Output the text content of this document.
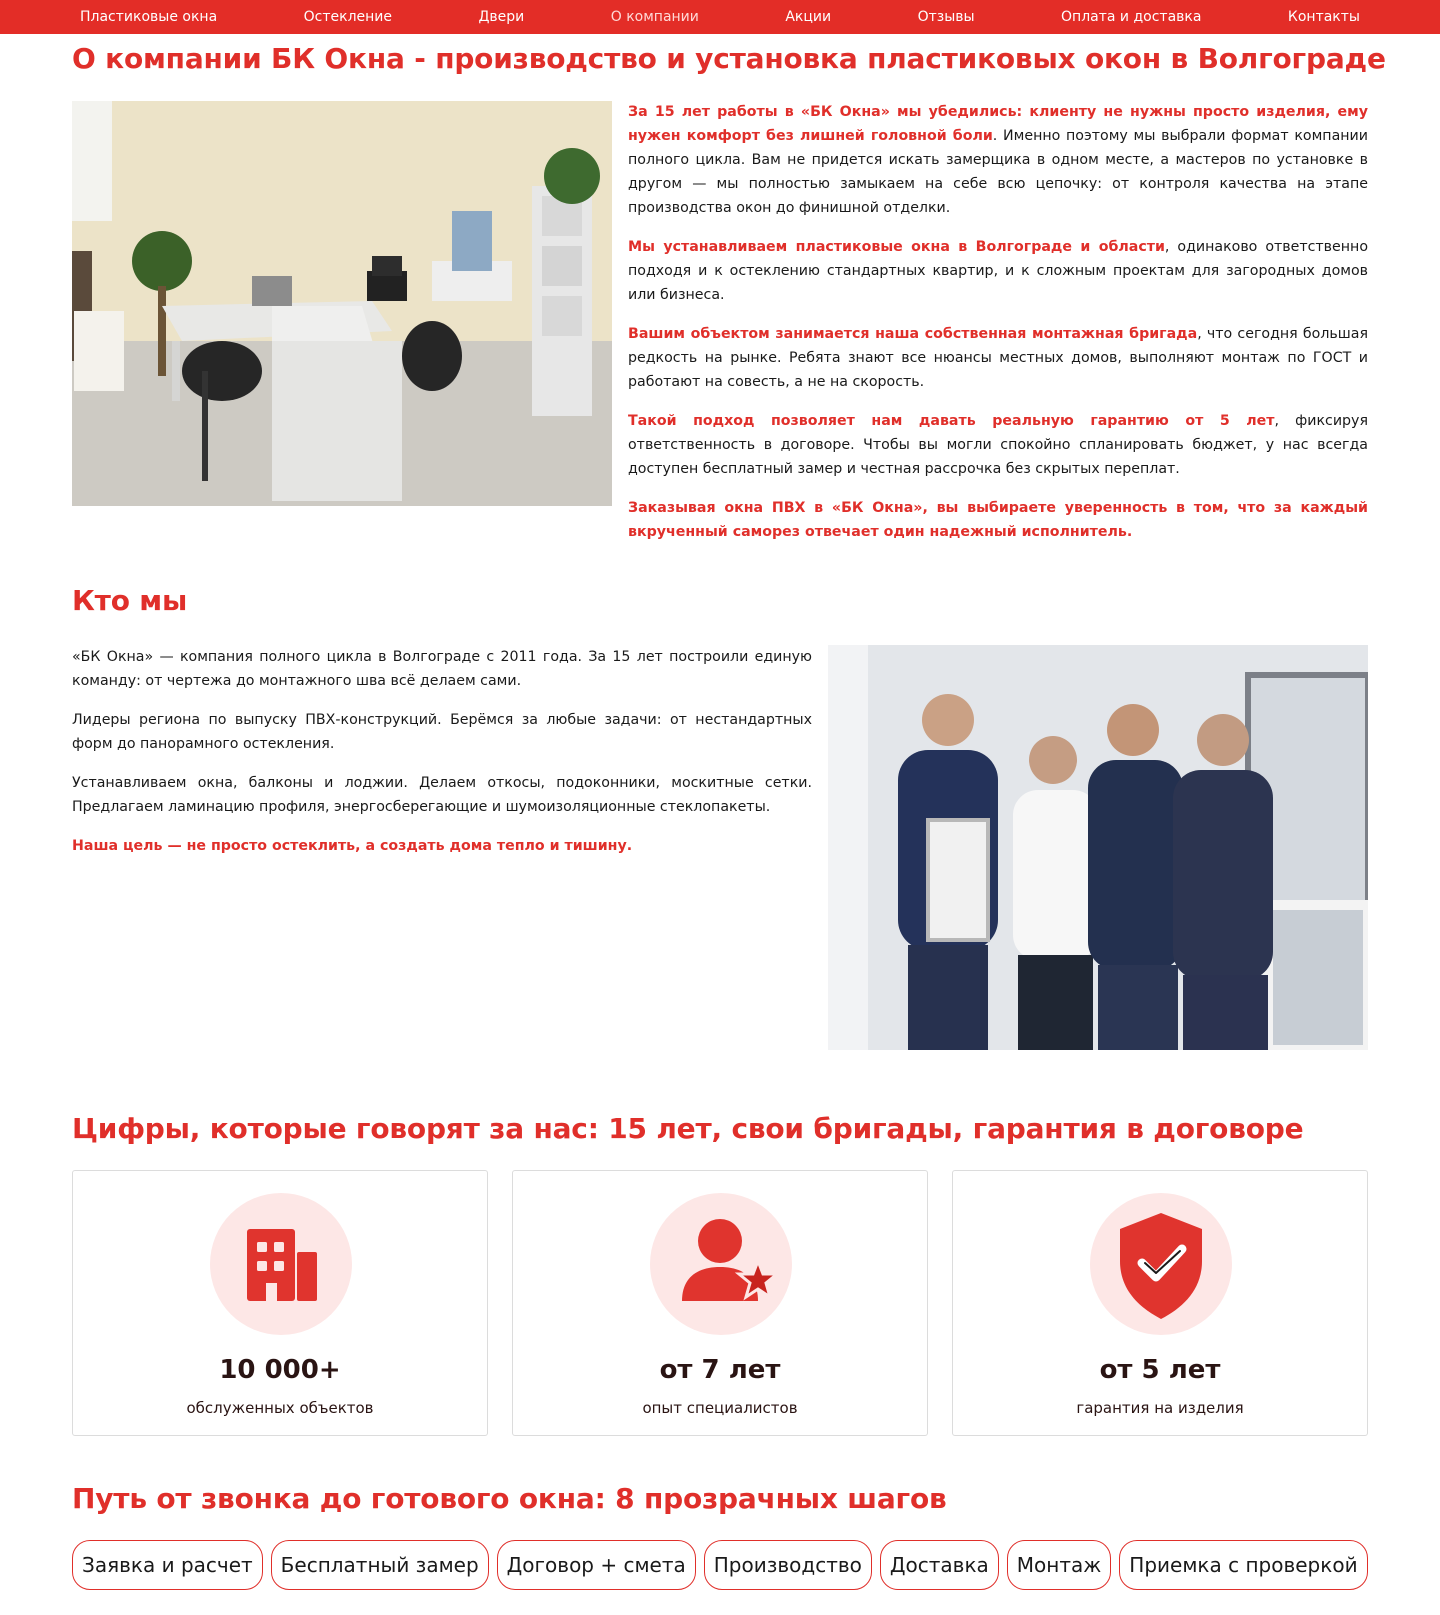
Пластиковые окна	Остекление	Двери	О компании	Акции	Отзывы	Оплата и доставка	Контакты
О компании БК Окна - производство и установка пластиковых окон в Волгограде

За 15 лет работы в «БК Окна» мы убедились: клиенту не нужны просто изделия, ему нужен комфорт без лишней головной боли. Именно поэтому мы выбрали формат компании полного цикла. Вам не придется искать замерщика в одном месте, а мастеров по установке в другом — мы полностью замыкаем на себе всю цепочку: от контроля качества на этапе производства окон до финишной отделки.

Мы устанавливаем пластиковые окна в Волгограде и области, одинаково ответственно подходя и к остеклению стандартных квартир, и к сложным проектам для загородных домов или бизнеса.

Вашим объектом занимается наша собственная монтажная бригада, что сегодня большая редкость на рынке. Ребята знают все нюансы местных домов, выполняют монтаж по ГОСТ и работают на совесть, а не на скорость.

Такой подход позволяет нам давать реальную гарантию от 5 лет, фиксируя ответственность в договоре. Чтобы вы могли спокойно спланировать бюджет, у нас всегда доступен бесплатный замер и честная рассрочка без скрытых переплат.

Заказывая окна ПВХ в «БК Окна», вы выбираете уверенность в том, что за каждый вкрученный саморез отвечает один надежный исполнитель.

Кто мы

«БК Окна» — компания полного цикла в Волгограде с 2011 года. За 15 лет построили единую команду: от чертежа до монтажного шва всё делаем сами.

Лидеры региона по выпуску ПВХ-конструкций. Берёмся за любые задачи: от нестандартных форм до панорамного остекления.

Устанавливаем окна, балконы и лоджии. Делаем откосы, подоконники, москитные сетки. Предлагаем ламинацию профиля, энергосберегающие и шумоизоляционные стеклопакеты.

Наша цель — не просто остеклить, а создать дома тепло и тишину.

Цифры, которые говорят за нас: 15 лет, свои бригады, гарантия в договоре
10 000+
обслуженных объектов
от 7 лет
опыт специалистов
от 5 лет
гарантия на изделия
Путь от звонка до готового окна: 8 прозрачных шагов
Заявка и расчет	Бесплатный замер	Договор + смета	Производство	Доставка	Монтаж	Приемка с проверкой
